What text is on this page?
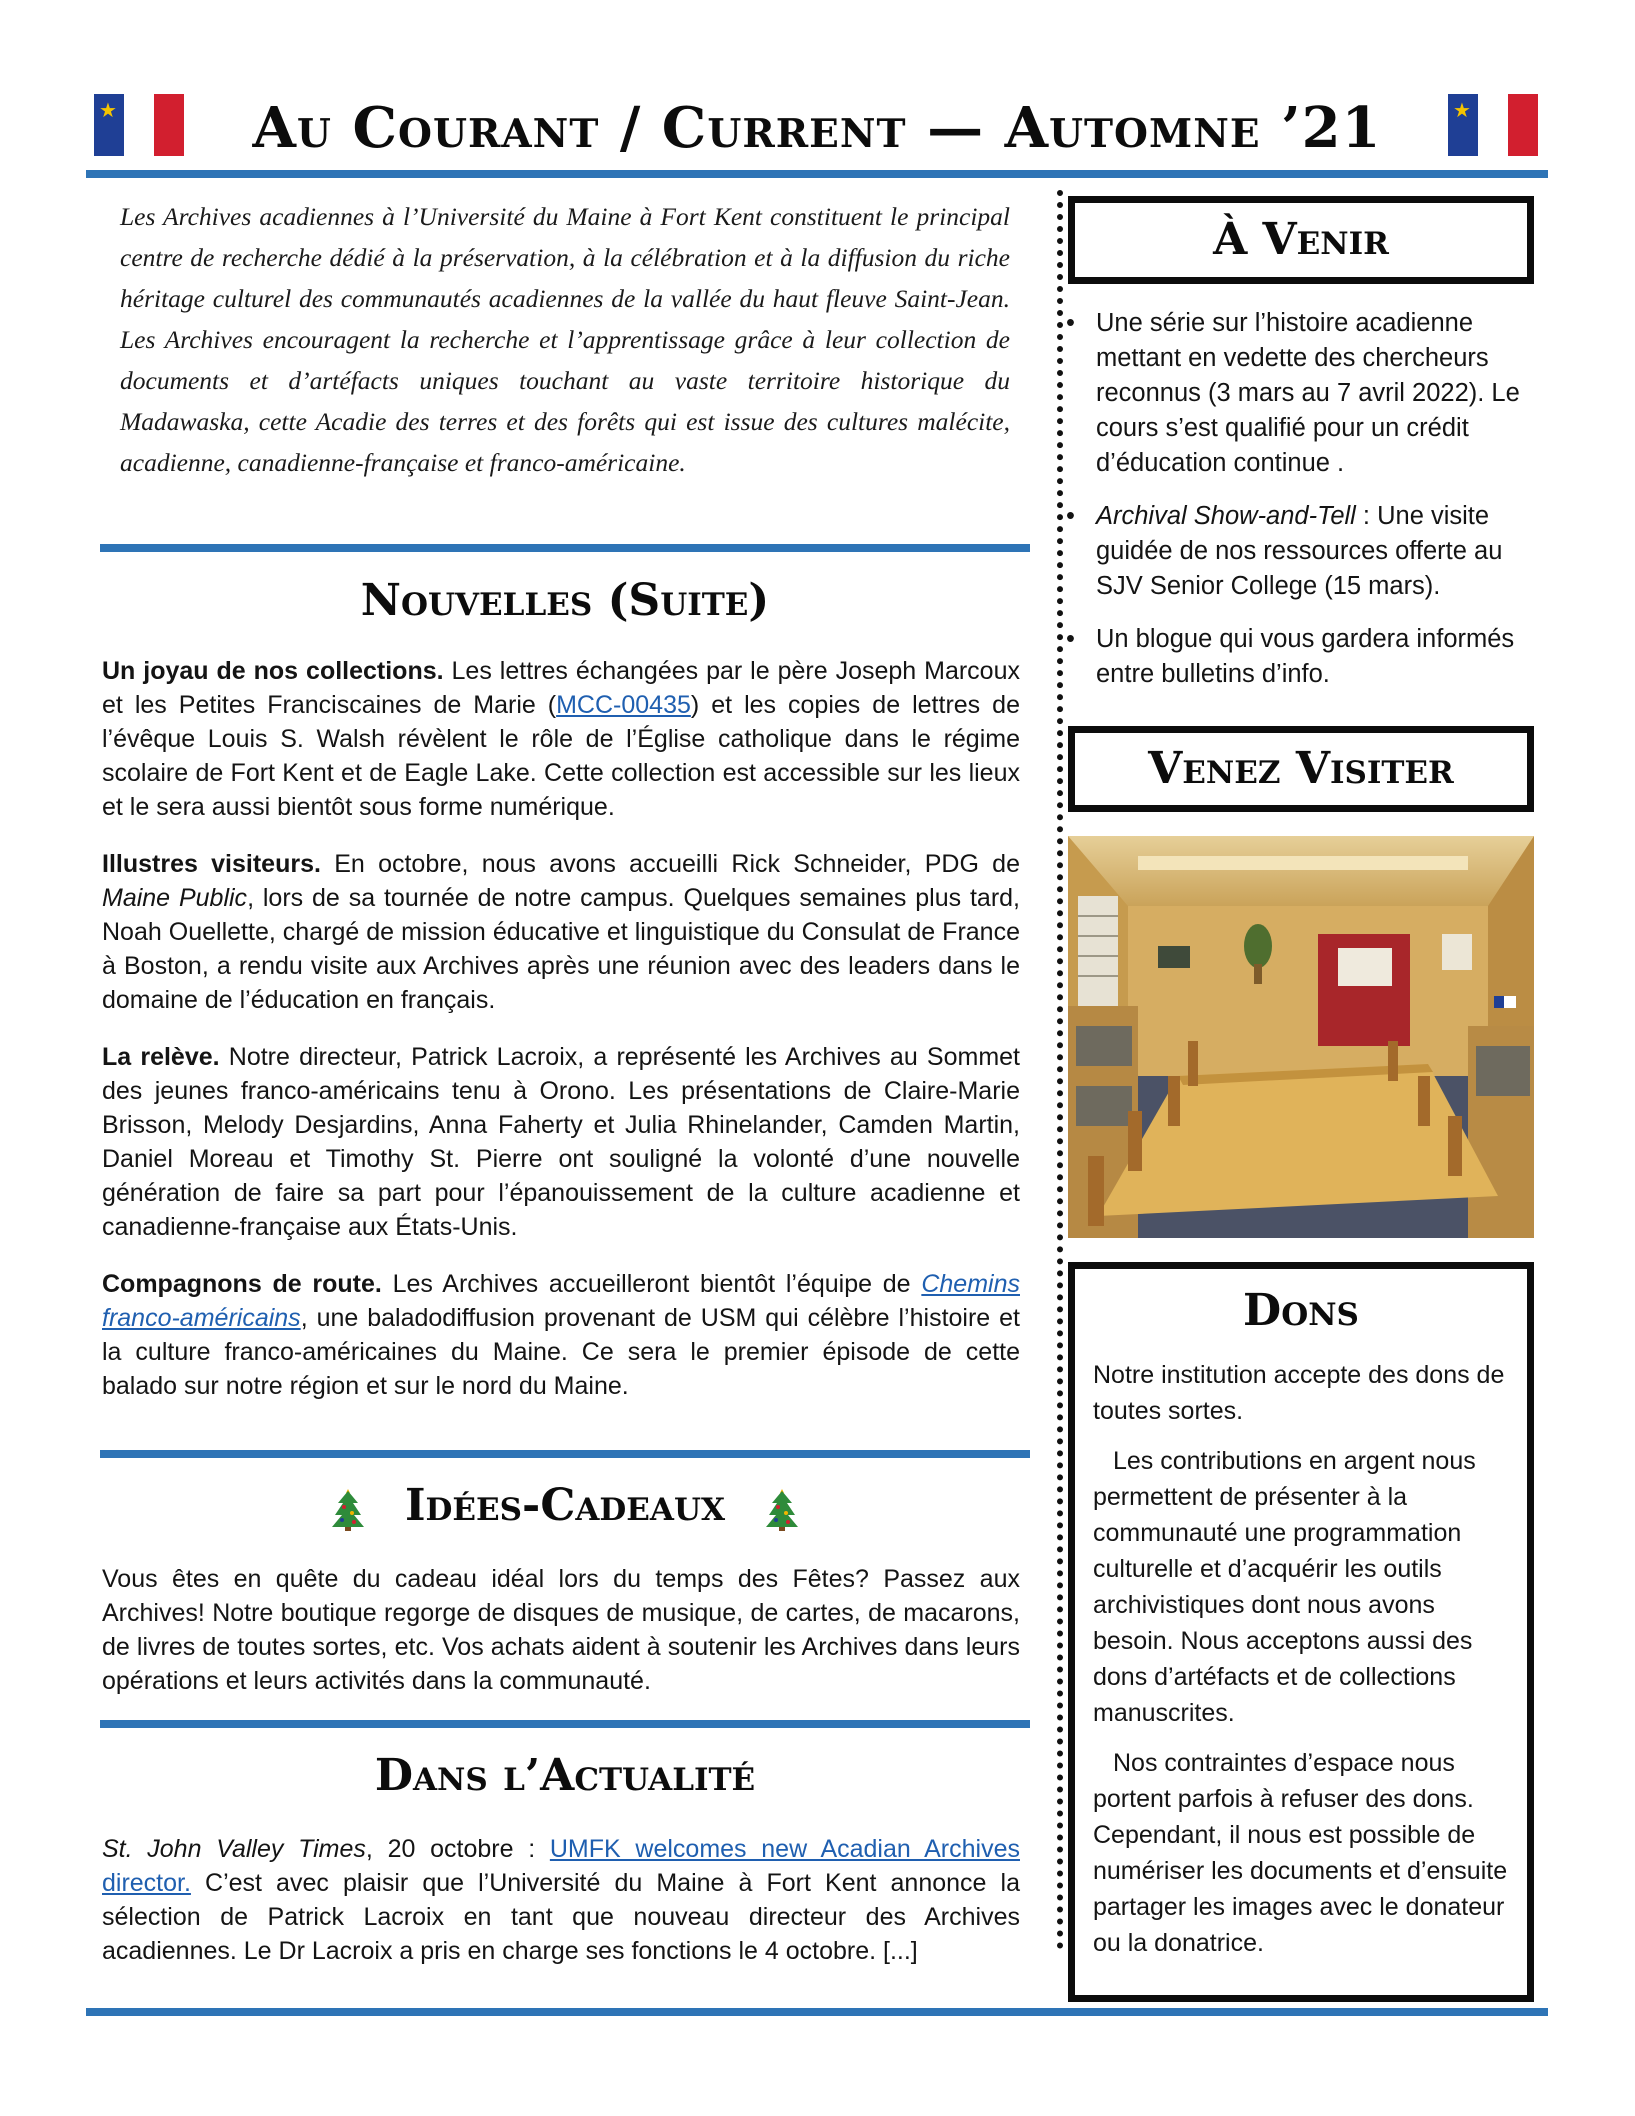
★	Au Courant / Current — Automne ’21	★
Les Archives acadiennes à l’Université du Maine à Fort Kent constituent le principal centre de recherche dédié à la préservation, à la célébration et à la diffusion du riche héritage culturel des communautés acadiennes de la vallée du haut fleuve Saint-Jean. Les Archives encouragent la recherche et l’apprentissage grâce à leur collection de documents et d’artéfacts uniques touchant au vaste territoire historique du Madawaska, cette Acadie des terres et des forêts qui est issue des cultures malécite, acadienne, canadienne-française et franco-américaine.
Nouvelles (Suite)

Un joyau de nos collections. Les lettres échangées par le père Joseph Marcoux et les Petites Franciscaines de Marie (MCC-00435) et les copies de lettres de l’évêque Louis S. Walsh révèlent le rôle de l’Église catholique dans le régime scolaire de Fort Kent et de Eagle Lake. Cette collection est accessible sur les lieux et le sera aussi bientôt sous forme numérique.

Illustres visiteurs. En octobre, nous avons accueilli Rick Schneider, PDG de Maine Public, lors de sa tournée de notre campus. Quelques semaines plus tard, Noah Ouellette, chargé de mission éducative et linguistique du Consulat de France à Boston, a rendu visite aux Archives après une réunion avec des leaders dans le domaine de l’éducation en français.

La relève. Notre directeur, Patrick Lacroix, a représenté les Archives au Sommet des jeunes franco-américains tenu à Orono. Les présentations de Claire-Marie Brisson, Melody Desjardins, Anna Faherty et Julia Rhinelander, Camden Martin, Daniel Moreau et Timothy St. Pierre ont souligné la volonté d’une nouvelle génération de faire sa part pour l’épanouissement de la culture acadienne et canadienne-française aux États-Unis.

Compagnons de route. Les Archives accueilleront bientôt l’équipe de Chemins franco-américains, une baladodiffusion provenant de USM qui célèbre l’histoire et la culture franco-américaines du Maine. Ce sera le premier épisode de cette balado sur notre région et sur le nord du Maine.

Idées-Cadeaux
Vous êtes en quête du cadeau idéal lors du temps des Fêtes? Passez aux Archives! Notre boutique regorge de disques de musique, de cartes, de macarons, de livres de toutes sortes, etc. Vos achats aident à soutenir les Archives dans leurs opérations et leurs activités dans la communauté.
Dans l’Actualité
St. John Valley Times, 20 octobre : UMFK welcomes new Acadian Archives director. C’est avec plaisir que l’Université du Maine à Fort Kent annonce la sélection de Patrick Lacroix en tant que nouveau directeur des Archives acadiennes. Le Dr Lacroix a pris en charge ses fonctions le 4 octobre. [...]
À Venir
• Une série sur l’histoire acadienne mettant en vedette des chercheurs reconnus (3 mars au 7 avril 2022). Le cours s’est qualifié pour un crédit d’éducation continue .
• Archival Show-and-Tell : Une visite guidée de nos ressources offerte au SJV Senior College (15 mars).
• Un blogue qui vous gardera informés entre bulletins d’info.
Venez Visiter
Dons

Notre institution accepte des dons de toutes sortes.

Les contributions en argent nous permettent de présenter à la communauté une programmation culturelle et d’acquérir les outils archivistiques dont nous avons besoin. Nous acceptons aussi des dons d’artéfacts et de collections manuscrites.

Nos contraintes d’espace nous portent parfois à refuser des dons. Cependant, il nous est possible de numériser les documents et d’ensuite partager les images avec le donateur ou la donatrice.
